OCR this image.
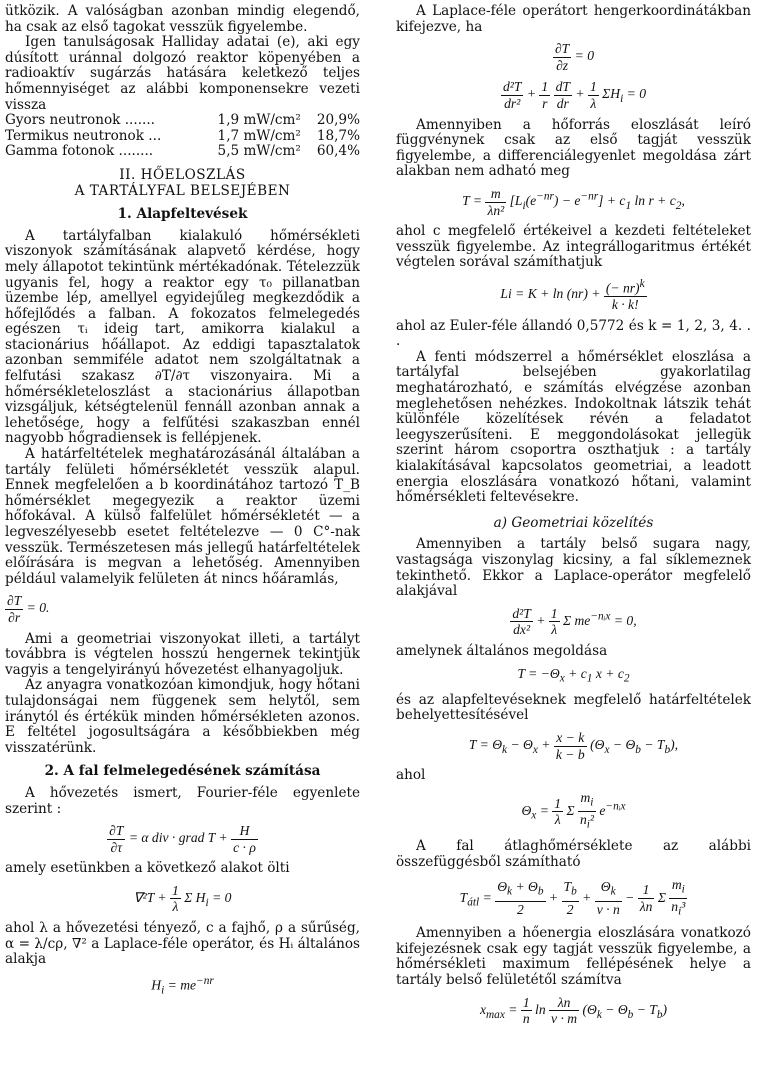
ütközik. A valóságban azonban mindig elegendő, ha csak az első tagokat vesszük figyelembe.

Igen tanulságosak Halliday adatai (e), aki egy dúsított uránnal dolgozó reaktor köpenyében a radioaktív sugárzás hatására keletkező teljes hőmennyiséget az alábbi komponensekre vezeti vissza

Gyors neutronok .......	1,9 mW/cm²	20,9%
Termikus neutronok ...	1,7 mW/cm²	18,7%
Gamma fotonok ........	5,5 mW/cm²	60,4%
II. HŐELOSZLÁS
A TARTÁLYFAL BELSEJÉBEN
1. Alapfeltevések

A tartályfalban kialakuló hőmérsékleti viszonyok számításának alapvető kérdése, hogy mely állapotot tekintünk mértékadónak. Tételezzük ugyanis fel, hogy a reaktor egy τ₀ pillanatban üzembe lép, amellyel egyidejűleg megkezdődik a hőfejlődés a falban. A fokozatos felmelegedés egészen τᵢ ideig tart, amikorra kialakul a stacionárius hőállapot. Az eddigi tapasztalatok azonban semmiféle adatot nem szolgáltatnak a felfutási szakasz ∂T/∂τ viszonyaira. Mi a hőmérsékleteloszlást a stacionárius állapotban vizsgáljuk, kétségtelenül fennáll azonban annak a lehetősége, hogy a felfűtési szakaszban ennél nagyobb hőgradiensek is fellépjenek.

A határfeltételek meghatározásánál általában a tartály felületi hőmérsékletét vesszük alapul. Ennek megfelelően a b koordinátához tartozó T_B hőmérséklet megegyezik a reaktor üzemi hőfokával. A külső falfelület hőmérsékletét — a legveszélyesebb esetet feltételezve — 0 C°-nak vesszük. Természetesen más jellegű határfeltételek előírására is megvan a lehetőség. Amennyiben például valamelyik felületen át nincs hőáramlás,

$\frac{\partial T}{\partial r} = 0$.

Ami a geometriai viszonyokat illeti, a tartályt továbbra is végtelen hosszú hengernek tekintjük vagyis a tengelyirányú hővezetést elhanyagoljuk.

Az anyagra vonatkozóan kimondjuk, hogy hőtani tulajdonságai nem függenek sem helytől, sem iránytól és értékük minden hőmérsékleten azonos. E feltétel jogosultságára a későbbiekben még visszatérünk.

2. A fal felmelegedésének számítása

A hővezetés ismert, Fourier-féle egyenlete szerint :

$\frac{\partial T}{\partial\tau} = \alpha$ div · grad $T + \frac{H}{c \cdot \rho}$

amely esetünkben a következő alakot ölti

$\nabla^2T + \frac{1}{\lambda}$ Σ $H_i = 0$

ahol λ a hővezetési tényező, c a fajhő, ρ a sűrűség, α = λ/cρ, ∇² a Laplace-féle operátor, és Hᵢ általános alakja

$H_i = me^{-nr}$

A Laplace-féle operátort hengerkoordinátákban kifejezve, ha

$\frac{\partial T}{\partial z} = 0$
$\frac{\text{d²T}}{\text{dr²}} + \frac{1}{r}$
$\frac{dT}{dr} + \frac{1}{\lambda} \Sigma H_i = 0$

Amennyiben a hőforrás eloszlását leíró függvénynek csak az első tagját vesszük figyelembe, a differenciálegyenlet megoldása zárt alakban nem adható meg

$T = \frac{m}{\text{λn²}} [L_i(e^{-nr}) - e^{-nr}] + c_1$ $\ln r + c_2$,

ahol c megfelelő értékeivel a kezdeti feltételeket vesszük figyelembe. Az integrállogaritmus értékét végtelen sorával számíthatjuk

$Li = K + \ln (nr) + \frac{(- nr)^k}{k \cdot k!}$

ahol az Euler-féle állandó 0,5772 és k = 1, 2, 3, 4. . .

A fenti módszerrel a hőmérséklet eloszlása a tartályfal belsejében gyakorlatilag meghatározható, e számítás elvégzése azonban meglehetősen nehézkes. Indokoltnak látszik tehát különféle közelítések révén a feladatot leegyszerűsíteni. E meggondolásokat jellegük szerint három csoportra oszthatjuk : a tartály kialakításával kapcsolatos geometriai, a leadott energia eloszlására vonatkozó hőtani, valamint hőmérsékleti feltevésekre.

a) Geometriai közelítés

Amennyiben a tartály belső sugara nagy, vastagsága viszonylag kicsiny, a fal síklemeznek tekinthető. Ekkor a Laplace-operátor megfelelő alakjával

$\frac{\text{d²T}}{\text{dx²}} + \frac{1}{\lambda}$ Σ $me^{-nᵢx} = 0$,

amelynek általános megoldása

$T = -\Theta_x + c_1$ $x + c_2$

és az alapfeltevéseknek megfelelő határfeltételek behelyettesítésével

$T = \Theta_k - \Theta_x + \frac{x - k}{k - b} (\Theta_x - \Theta_b - T_b)$,

ahol

$\Theta_x = \frac{1}{\lambda}$ Σ $\frac{m_i}{n_i^2} e^{-nᵢx}$

A fal átlaghőmérséklete az alábbi összefüggésből számítható

$T_{átl} = \frac{\Theta_k + \Theta_b}{2} + \frac{T_b}{2} + \frac{\Theta_k}{v \cdot n} - \frac{1}{\lambda n}$ Σ $\frac{m_i}{n_i^3}$

Amennyiben a hőenergia eloszlására vonatkozó kifejezésnek csak egy tagját vesszük figyelembe, a hőmérsékleti maximum fellépésének helye a tartály belső felületétől számítva

$x_{max} = \frac{1}{n}$ $\ln \frac{\lambda n}{v \cdot m} (\Theta_k - \Theta_b - T_b)$
